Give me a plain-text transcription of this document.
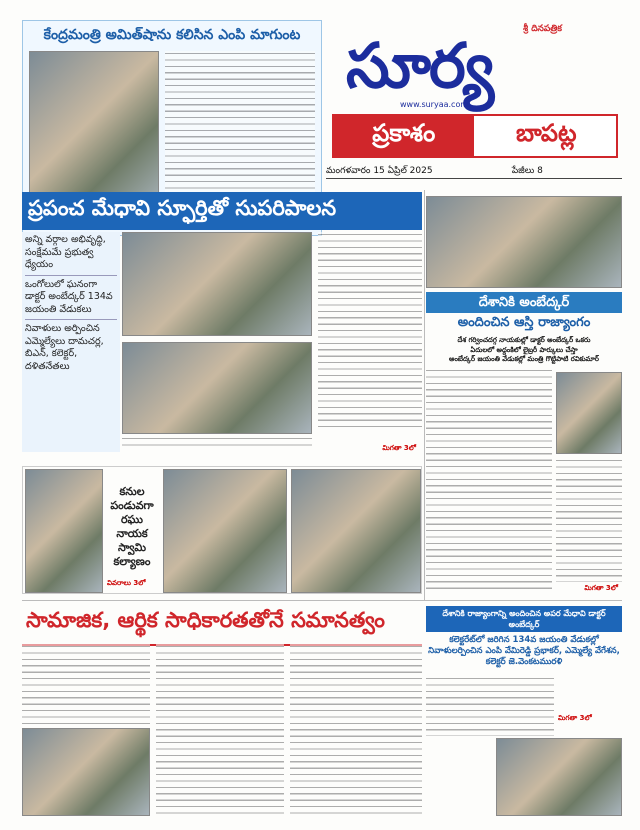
కేంద్రమంత్రి అమిత్‌షాను కలిసిన ఎంపి మాగుంట	శ్రీ దినపత్రిక
సూర్య
www.suryaa.com
ప్రకాశం	బాపట్ల
మంగళవారం 15 ఏప్రిల్ 2025	పేజీలు 8
ప్రపంచ మేధావి స్ఫూర్తితో సుపరిపాలన
అన్ని వర్గాల అభివృద్ధి, సంక్షేమమే ప్రభుత్వ ధ్యేయం
ఒంగోలులో ఘనంగా డాక్టర్ అంబేద్కర్ 134వ జయంతి వేడుకలు
నివాళులు అర్పించిన ఎమ్మెల్యేలు దామచర్ల, బిఎన్, కలెక్టర్, దళితనేతలు
మిగతా 3లో
దేశానికి అంబేద్కర్
అందించిన ఆస్తి రాజ్యాంగం
దేశ గర్వించదగ్గ నాయకుల్లో డాక్టర్ అంబేద్కర్ ఒకరు
ఏదులలో అద్దంకిలో లైబ్రరీ పార్కులు చేస్తా
అంబేద్కర్ జయంతి వేడుకల్లో మంత్రి గొట్టిపాటి రవికుమార్
మిగతా 3లో
కనుల పండువగా రఘు నాయక స్వామి కల్యాణం
వివరాలు 3లో
సామాజిక, ఆర్థిక సాధికారతతోనే సమానత్వం	దేశానికి రాజ్యాంగాన్ని అందించిన అపర మేధావి డాక్టర్ అంబేద్కర్
కలెక్టరేట్‌లో జరిగిన 134వ జయంతి వేడుకల్లో నివాళులర్పించిన ఎంపి వేమిరెడ్డి ప్రభాకర్, ఎమ్మెల్యే వేగేశన, కలెక్టర్ జె.వెంకటమురళి
మిగతా 3లో
